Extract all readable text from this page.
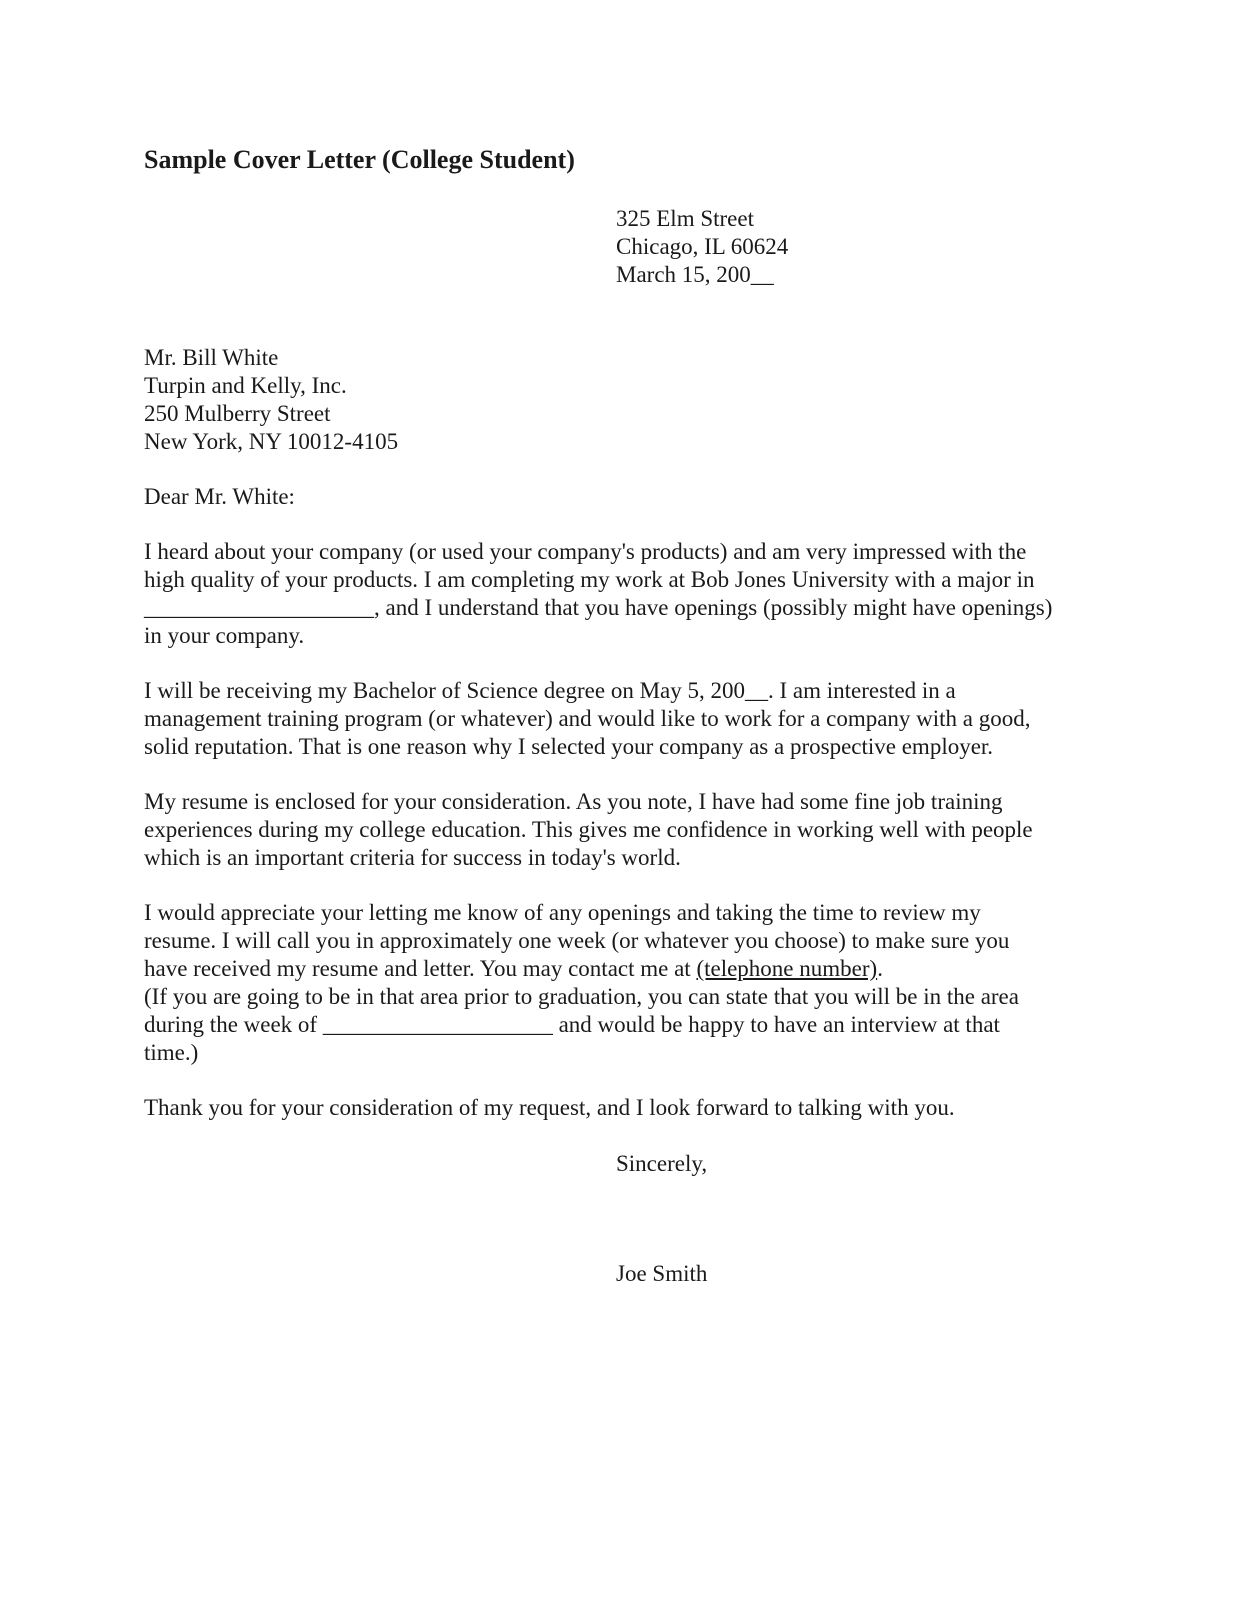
Sample Cover Letter (College Student)
325 Elm Street
Chicago, IL 60624
March 15, 200__
Mr. Bill White
Turpin and Kelly, Inc.
250 Mulberry Street
New York, NY 10012-4105
Dear Mr. White:
I heard about your company (or used your company's products) and am very impressed with the
high quality of your products. I am completing my work at Bob Jones University with a major in
____________________, and I understand that you have openings (possibly might have openings)
in your company.
I will be receiving my Bachelor of Science degree on May 5, 200__. I am interested in a
management training program (or whatever) and would like to work for a company with a good,
solid reputation. That is one reason why I selected your company as a prospective employer.
My resume is enclosed for your consideration. As you note, I have had some fine job training
experiences during my college education. This gives me confidence in working well with people
which is an important criteria for success in today's world.
I would appreciate your letting me know of any openings and taking the time to review my
resume. I will call you in approximately one week (or whatever you choose) to make sure you
have received my resume and letter. You may contact me at (telephone number).
(If you are going to be in that area prior to graduation, you can state that you will be in the area
during the week of ____________________ and would be happy to have an interview at that
time.)
Thank you for your consideration of my request, and I look forward to talking with you.
Sincerely,
Joe Smith
